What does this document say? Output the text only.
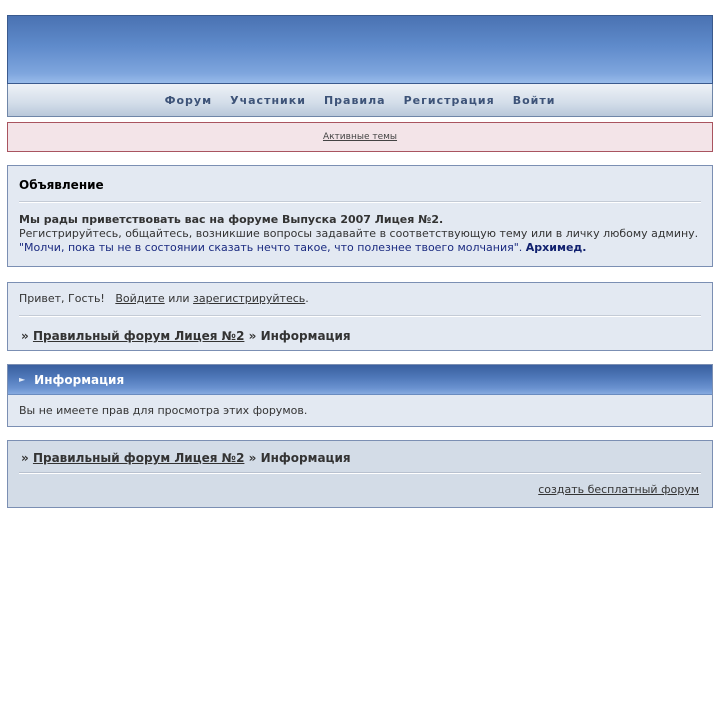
Форум Участники Правила Регистрация Войти
Активные темы
Объявление

Мы рады приветствовать вас на форуме Выпуска 2007 Лицея №2.

Регистрируйтесь, общайтесь, возникшие вопросы задавайте в соответствующую тему или в личку любому админу.

"Молчи, пока ты не в состоянии сказать нечто такое, что полезнее твоего молчания". Архимед.

Привет, Гость! Войдите или зарегистрируйтесь.
» Правильный форум Лицея №2 » Информация
► Информация
Вы не имеете прав для просмотра этих форумов.
» Правильный форум Лицея №2 » Информация
создать бесплатный форум
